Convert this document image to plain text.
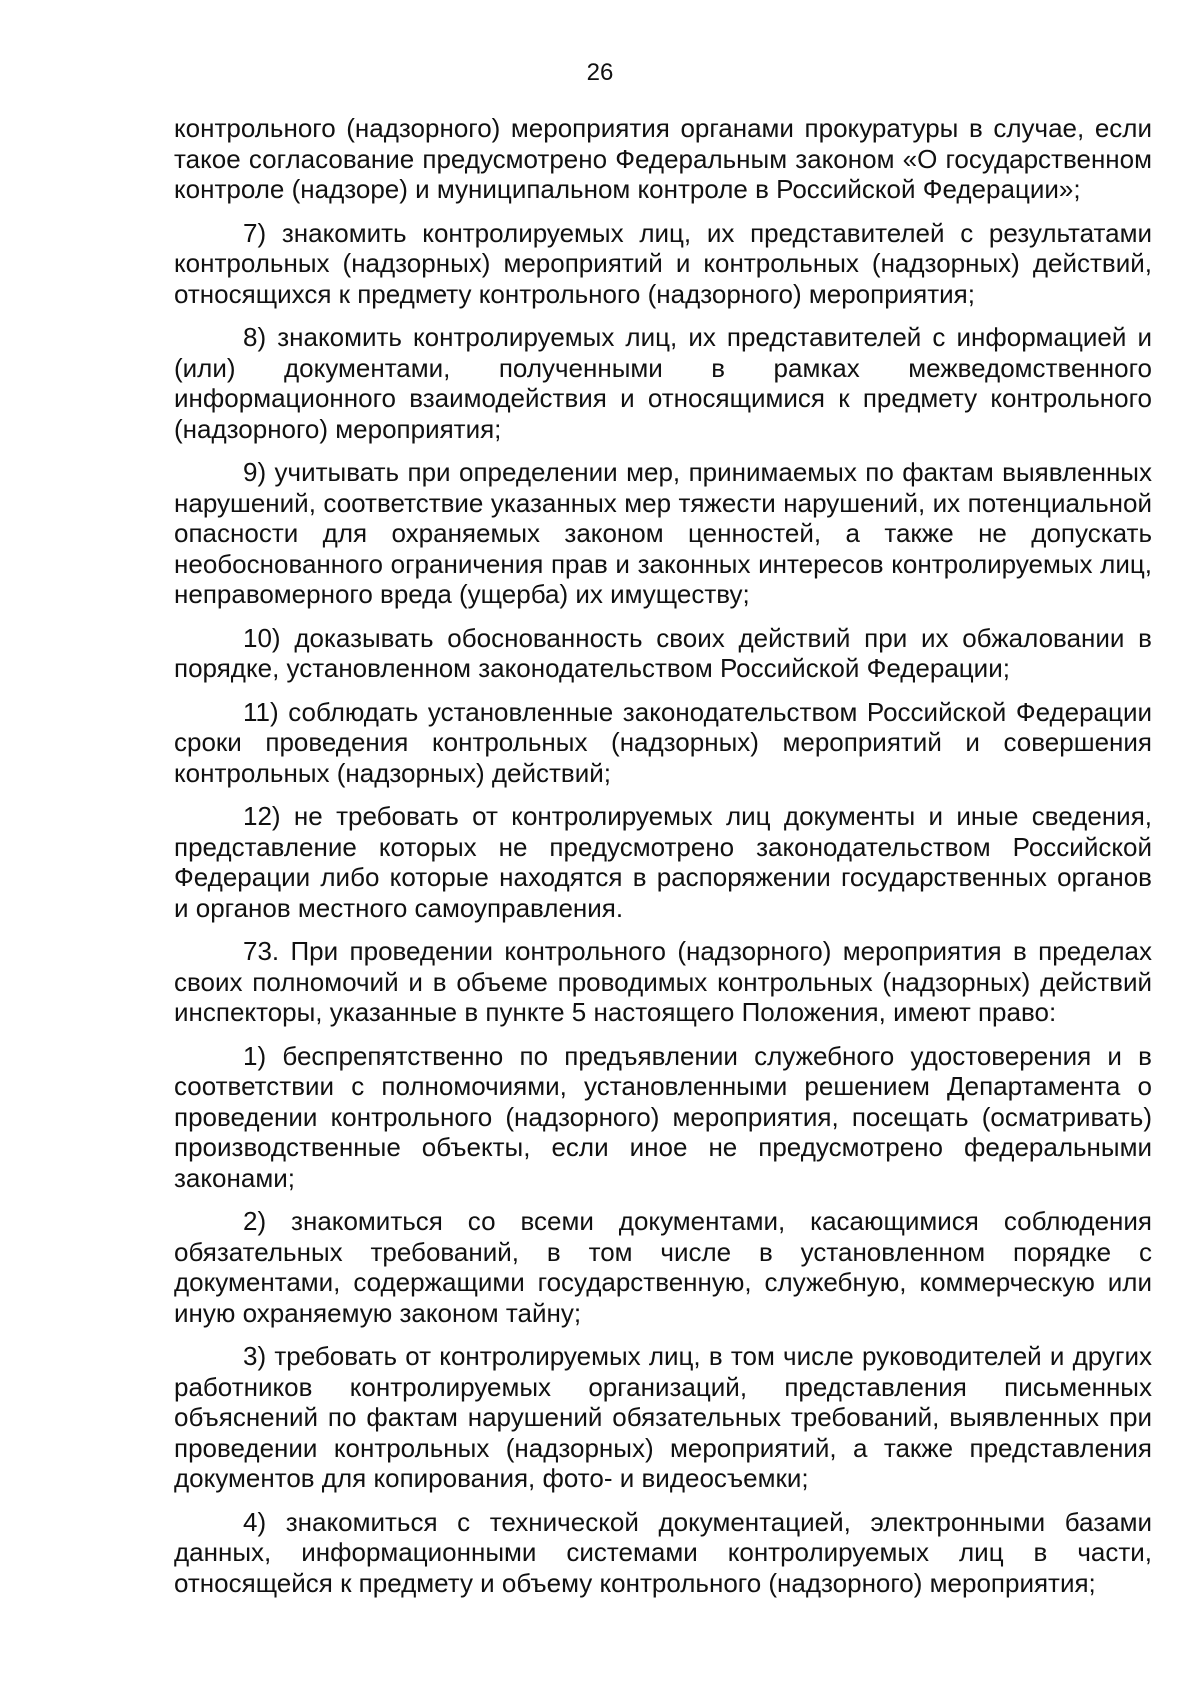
26

контрольного (надзорного) мероприятия органами прокуратуры в случае, если такое согласование предусмотрено Федеральным законом «О государственном контроле (надзоре) и муниципальном контроле в Российской Федерации»;

7) знакомить контролируемых лиц, их представителей с результатами контрольных (надзорных) мероприятий и контрольных (надзорных) действий, относящихся к предмету контрольного (надзорного) мероприятия;

8) знакомить контролируемых лиц, их представителей с информацией и (или) документами, полученными в рамках межведомственного информационного взаимодействия и относящимися к предмету контрольного (надзорного) мероприятия;

9) учитывать при определении мер, принимаемых по фактам выявленных нарушений, соответствие указанных мер тяжести нарушений, их потенциальной опасности для охраняемых законом ценностей, а также не допускать необоснованного ограничения прав и законных интересов контролируемых лиц, неправомерного вреда (ущерба) их имуществу;

10) доказывать обоснованность своих действий при их обжаловании в порядке, установленном законодательством Российской Федерации;

11) соблюдать установленные законодательством Российской Федерации сроки проведения контрольных (надзорных) мероприятий и совершения контрольных (надзорных) действий;

12) не требовать от контролируемых лиц документы и иные сведения, представление которых не предусмотрено законодательством Российской Федерации либо которые находятся в распоряжении государственных органов и органов местного самоуправления.

73. При проведении контрольного (надзорного) мероприятия в пределах своих полномочий и в объеме проводимых контрольных (надзорных) действий инспекторы, указанные в пункте 5 настоящего Положения, имеют право:

1) беспрепятственно по предъявлении служебного удостоверения и в соответствии с полномочиями, установленными решением Департамента о проведении контрольного (надзорного) мероприятия, посещать (осматривать) производственные объекты, если иное не предусмотрено федеральными законами;

2) знакомиться со всеми документами, касающимися соблюдения обязательных требований, в том числе в установленном порядке с документами, содержащими государственную, служебную, коммерческую или иную охраняемую законом тайну;

3) требовать от контролируемых лиц, в том числе руководителей и других работников контролируемых организаций, представления письменных объяснений по фактам нарушений обязательных требований, выявленных при проведении контрольных (надзорных) мероприятий, а также представления документов для копирования, фото- и видеосъемки;

4) знакомиться с технической документацией, электронными базами данных, информационными системами контролируемых лиц в части, относящейся к предмету и объему контрольного (надзорного) мероприятия;
